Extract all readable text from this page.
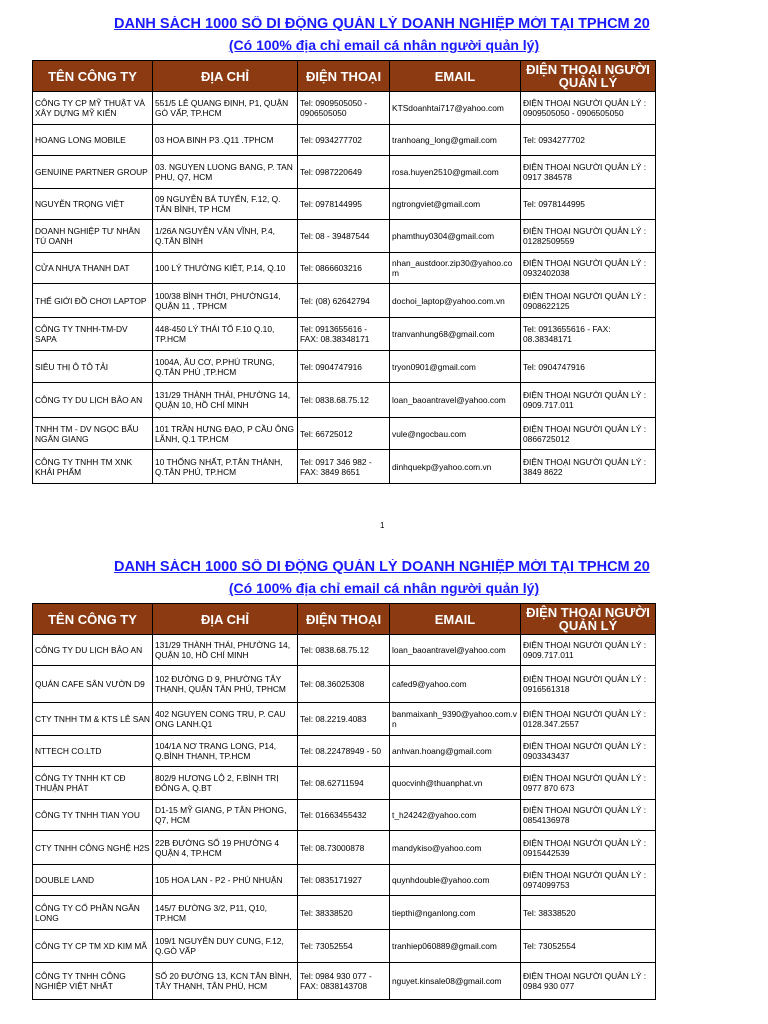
DANH SÁCH 1000 SỐ DI ĐỘNG QUẢN LÝ DOANH NGHIỆP MỚI TẠI TPHCM 20
(Có 100% địa chỉ email cá nhân người quản lý)
TÊN CÔNG TY	ĐỊA CHỈ	ĐIỆN THOẠI	EMAIL	ĐIỆN THOẠI NGƯỜI QUẢN LÝ
CÔNG TY CP MỸ THUẬT VÀ XÂY DỰNG MỸ KIẾN	551/5 LÊ QUANG ĐỊNH, P1, QUẬN GÒ VẤP, TP.HCM	Tel: 0909505050 - 0906505050	KTSdoanhtai717@yahoo.com	ĐIỆN THOẠI NGƯỜI QUẢN LÝ : 0909505050 - 0906505050
HOANG LONG MOBILE	03 HOA BINH P3 .Q11 .TPHCM	Tel: 0934277702	tranhoang_long@gmail.com	Tel: 0934277702
GENUINE PARTNER GROUP	03. NGUYEN LUONG BANG, P. TAN PHU, Q7, HCM	Tel: 0987220649	rosa.huyen2510@gmail.com	ĐIỆN THOẠI NGƯỜI QUẢN LÝ : 0917 384578
NGUYỄN TRỌNG VIỆT	09 NGUYỄN BÁ TUYỂN, F.12, Q. TÂN BÌNH, TP HCM	Tel: 0978144995	ngtrongviet@gmail.com	Tel: 0978144995
DOANH NGHIỆP TƯ NHÂN TÚ OANH	1/26A NGUYỄN VĂN VĨNH, P.4, Q.TÂN BÌNH	Tel: 08 - 39487544	phamthuy0304@gmail.com	ĐIỆN THOẠI NGƯỜI QUẢN LÝ : 01282509559
CỬA NHỰA THANH DAT	100 LÝ THƯỜNG KIỆT, P.14, Q.10	Tel: 0866603216	nhan_austdoor.zip30@yahoo.com	ĐIỆN THOẠI NGƯỜI QUẢN LÝ : 0932402038
THẾ GIỚI ĐỒ CHƠI LAPTOP	100/38 BÌNH THỚI, PHƯỜNG14, QUẬN 11 , TPHCM	Tel: (08) 62642794	dochoi_laptop@yahoo.com.vn	ĐIỆN THOẠI NGƯỜI QUẢN LÝ : 0908622125
CÔNG TY TNHH-TM-DV SAPA	448-450 LÝ THÁI TỔ F.10 Q.10, TP.HCM	Tel: 0913655616 - FAX: 08.38348171	tranvanhung68@gmail.com	Tel: 0913655616 - FAX: 08.38348171
SIÊU THỊ Ô TÔ TẢI	1004A, ÂU CƠ, P.PHÚ TRUNG, Q.TÂN PHÚ ,TP.HCM	Tel: 0904747916	tryon0901@gmail.com	Tel: 0904747916
CÔNG TY DU LỊCH BẢO AN	131/29 THÀNH THÁI, PHƯỜNG 14, QUẬN 10, HỒ CHÍ MINH	Tel: 0838.68.75.12	loan_baoantravel@yahoo.com	ĐIỆN THOẠI NGƯỜI QUẢN LÝ : 0909.717.011
TNHH TM - DV NGỌC BẤU NGÂN GIANG	101 TRẦN HƯNG ĐẠO, P CẦU ÔNG LÃNH, Q.1 TP.HCM	Tel: 66725012	vule@ngocbau.com	ĐIỆN THOẠI NGƯỜI QUẢN LÝ : 0866725012
CÔNG TY TNHH TM XNK KHẢI PHẨM	10 THỐNG NHẤT, P.TÂN THÀNH, Q.TÂN PHÚ, TP.HCM	Tel: 0917 346 982 - FAX: 3849 8651	dinhquekp@yahoo.com.vn	ĐIỆN THOẠI NGƯỜI QUẢN LÝ : 3849 8622
1
DANH SÁCH 1000 SỐ DI ĐỘNG QUẢN LÝ DOANH NGHIỆP MỚI TẠI TPHCM 20
(Có 100% địa chỉ email cá nhân người quản lý)
TÊN CÔNG TY	ĐỊA CHỈ	ĐIỆN THOẠI	EMAIL	ĐIỆN THOẠI NGƯỜI QUẢN LÝ
CÔNG TY DU LỊCH BẢO AN	131/29 THÀNH THÁI, PHƯỜNG 14, QUẬN 10, HỒ CHÍ MINH	Tel: 0838.68.75.12	loan_baoantravel@yahoo.com	ĐIỆN THOẠI NGƯỜI QUẢN LÝ : 0909.717.011
QUÁN CAFE SÂN VƯỜN D9	102 ĐƯỜNG D 9, PHƯỜNG TÂY THẠNH, QUẬN TÂN PHÚ, TPHCM	Tel: 08.36025308	cafed9@yahoo.com	ĐIỆN THOẠI NGƯỜI QUẢN LÝ : 0916561318
CTY TNHH TM & KTS LÊ SAN	402 NGUYEN CONG TRU, P. CAU ONG LANH.Q1	Tel: 08.2219.4083	banmaixanh_9390@yahoo.com.vn	ĐIỆN THOẠI NGƯỜI QUẢN LÝ : 0128.347.2557
NTTECH CO.LTD	104/1A NƠ TRANG LONG, P14, Q.BÌNH THẠNH, TP.HCM	Tel: 08.22478949 - 50	anhvan.hoang@gmail.com	ĐIỆN THOẠI NGƯỜI QUẢN LÝ : 0903343437
CÔNG TY TNHH KT CĐ THUẬN PHÁT	802/9 HƯƠNG LỘ 2, F.BÌNH TRỊ ĐÔNG A, Q.BT	Tel: 08.62711594	quocvinh@thuanphat.vn	ĐIỆN THOẠI NGƯỜI QUẢN LÝ : 0977 870 673
CÔNG TY TNHH TIAN YOU	D1-15 MỸ GIANG, P TÂN PHONG, Q7, HCM	Tel: 01663455432	t_h24242@yahoo.com	ĐIỆN THOẠI NGƯỜI QUẢN LÝ : 0854136978
CTY TNHH CÔNG NGHỆ H2S	22B ĐƯỜNG SỐ 19 PHƯỜNG 4 QUẬN 4, TP.HCM	Tel: 08.73000878	mandykiso@yahoo.com	ĐIỆN THOẠI NGƯỜI QUẢN LÝ : 0915442539
DOUBLE LAND	105 HOA LAN - P2 - PHÚ NHUẬN	Tel: 0835171927	quynhdouble@yahoo.com	ĐIỆN THOẠI NGƯỜI QUẢN LÝ : 0974099753
CÔNG TY CỔ PHẦN NGÂN LONG	145/7 ĐƯỜNG 3/2, P11, Q10, TP.HCM	Tel: 38338520	tiepthi@nganlong.com	Tel: 38338520
CÔNG TY CP TM XD KIM MÃ	109/1 NGUYỄN DUY CUNG, F.12, Q.GÒ VẤP	Tel: 73052554	tranhiep060889@gmail.com	Tel: 73052554
CÔNG TY TNHH CÔNG NGHIỆP VIỆT NHẤT	SỐ 20 ĐƯỜNG 13, KCN TÂN BÌNH, TÂY THẠNH, TÂN PHÚ, HCM	Tel: 0984 930 077 - FAX: 0838143708	nguyet.kinsale08@gmail.com	ĐIỆN THOẠI NGƯỜI QUẢN LÝ : 0984 930 077
